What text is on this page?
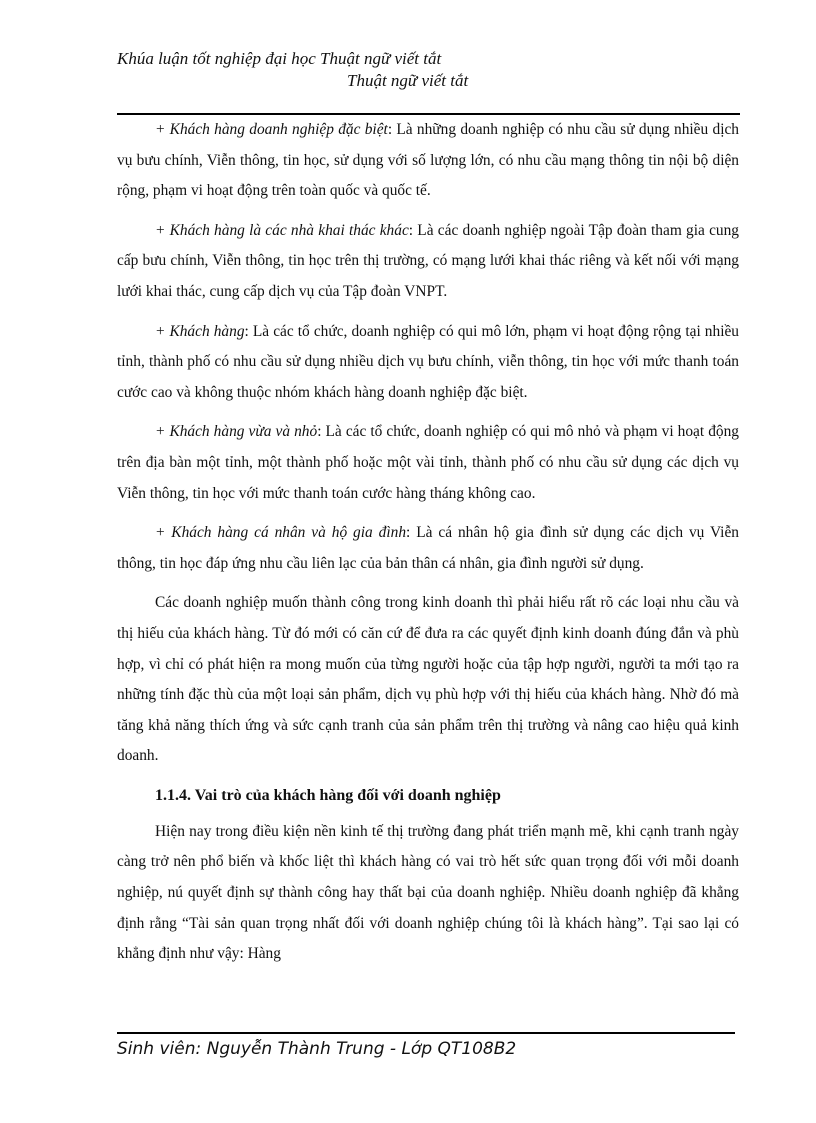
Khúa luận tốt nghiệp đại học Thuật ngữ viết tắt
Thuật ngữ viết tắt

+ Khách hàng doanh nghiệp đặc biệt: Là những doanh nghiệp có nhu cầu sử dụng nhiều dịch vụ bưu chính, Viễn thông, tin học, sử dụng với số lượng lớn, có nhu cầu mạng thông tin nội bộ diện rộng, phạm vi hoạt động trên toàn quốc và quốc tế.

+ Khách hàng là các nhà khai thác khác: Là các doanh nghiệp ngoài Tập đoàn tham gia cung cấp bưu chính, Viễn thông, tin học trên thị trường, có mạng lưới khai thác riêng và kết nối với mạng lưới khai thác, cung cấp dịch vụ của Tập đoàn VNPT.

+ Khách hàng: Là các tổ chức, doanh nghiệp có qui mô lớn, phạm vi hoạt động rộng tại nhiều tỉnh, thành phố có nhu cầu sử dụng nhiều dịch vụ bưu chính, viễn thông, tin học với mức thanh toán cước cao và không thuộc nhóm khách hàng doanh nghiệp đặc biệt.

+ Khách hàng vừa và nhỏ: Là các tổ chức, doanh nghiệp có qui mô nhỏ và phạm vi hoạt động trên địa bàn một tỉnh, một thành phố hoặc một vài tỉnh, thành phố có nhu cầu sử dụng các dịch vụ Viễn thông, tin học với mức thanh toán cước hàng tháng không cao.

+ Khách hàng cá nhân và hộ gia đình: Là cá nhân hộ gia đình sử dụng các dịch vụ Viễn thông, tin học đáp ứng nhu cầu liên lạc của bản thân cá nhân, gia đình người sử dụng.

Các doanh nghiệp muốn thành công trong kinh doanh thì phải hiểu rất rõ các loại nhu cầu và thị hiếu của khách hàng. Từ đó mới có căn cứ để đưa ra các quyết định kinh doanh đúng đắn và phù hợp, vì chỉ có phát hiện ra mong muốn của từng người hoặc của tập hợp người, người ta mới tạo ra những tính đặc thù của một loại sản phẩm, dịch vụ phù hợp với thị hiếu của khách hàng. Nhờ đó mà tăng khả năng thích ứng và sức cạnh tranh của sản phẩm trên thị trường và nâng cao hiệu quả kinh doanh.

1.1.4. Vai trò của khách hàng đối với doanh nghiệp

Hiện nay trong điều kiện nền kinh tế thị trường đang phát triển mạnh mẽ, khi cạnh tranh ngày càng trở nên phổ biến và khốc liệt thì khách hàng có vai trò hết sức quan trọng đối với mỗi doanh nghiệp, nú quyết định sự thành công hay thất bại của doanh nghiệp. Nhiều doanh nghiệp đã khẳng định rằng “Tài sản quan trọng nhất đối với doanh nghiệp chúng tôi là khách hàng”. Tại sao lại có khẳng định như vậy: Hàng

Sinh viên: Nguyễn Thành Trung - Lớp QT108B2
